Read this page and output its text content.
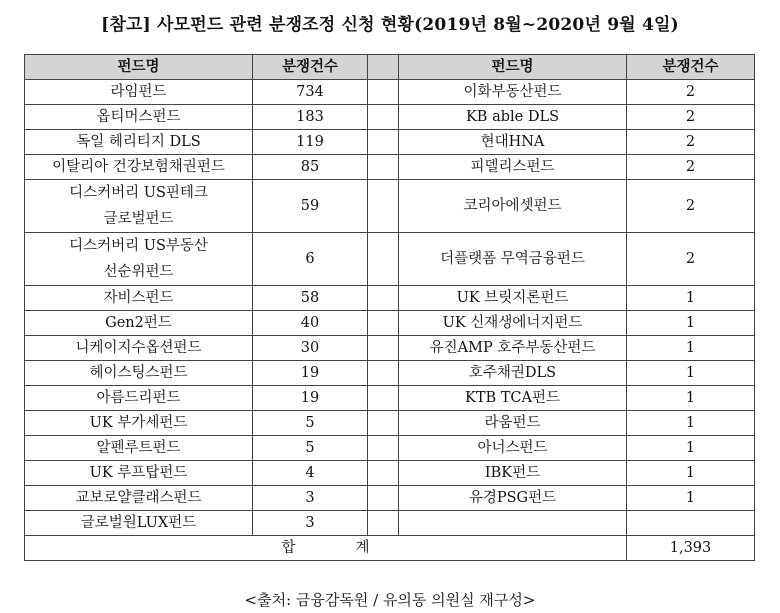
[참고] 사모펀드 관련 분쟁조정 신청 현황(2019년 8월~2020년 9월 4일)
펀드명	분쟁건수		펀드명	분쟁건수
라임펀드	734		이화부동산펀드	2
옵티머스펀드	183		KB able DLS	2
독일 헤리티지 DLS	119		현대HNA	2
이탈리아 건강보험채권펀드	85		피델리스펀드	2

디스커버리 US핀테크
글로벌펀드	59		코리아에셋펀드	2

디스커버리 US부동산
선순위펀드	6		더플랫폼 무역금융펀드	2
자비스펀드	58		UK 브릿지론펀드	1
Gen2펀드	40		UK 신재생에너지펀드	1
니케이지수옵션펀드	30		유진AMP 호주부동산펀드	1
헤이스팅스펀드	19		호주채권DLS	1
아름드리펀드	19		KTB TCA펀드	1
UK 부가세펀드	5		라움펀드	1
알펜루트펀드	5		아너스펀드	1
UK 루프탑펀드	4		IBK펀드	1
교보로얄클래스펀드	3		유경PSG펀드	1
글로벌원LUX펀드	3			
합 계				1,393
<출처: 금융감독원 / 유의동 의원실 재구성>
